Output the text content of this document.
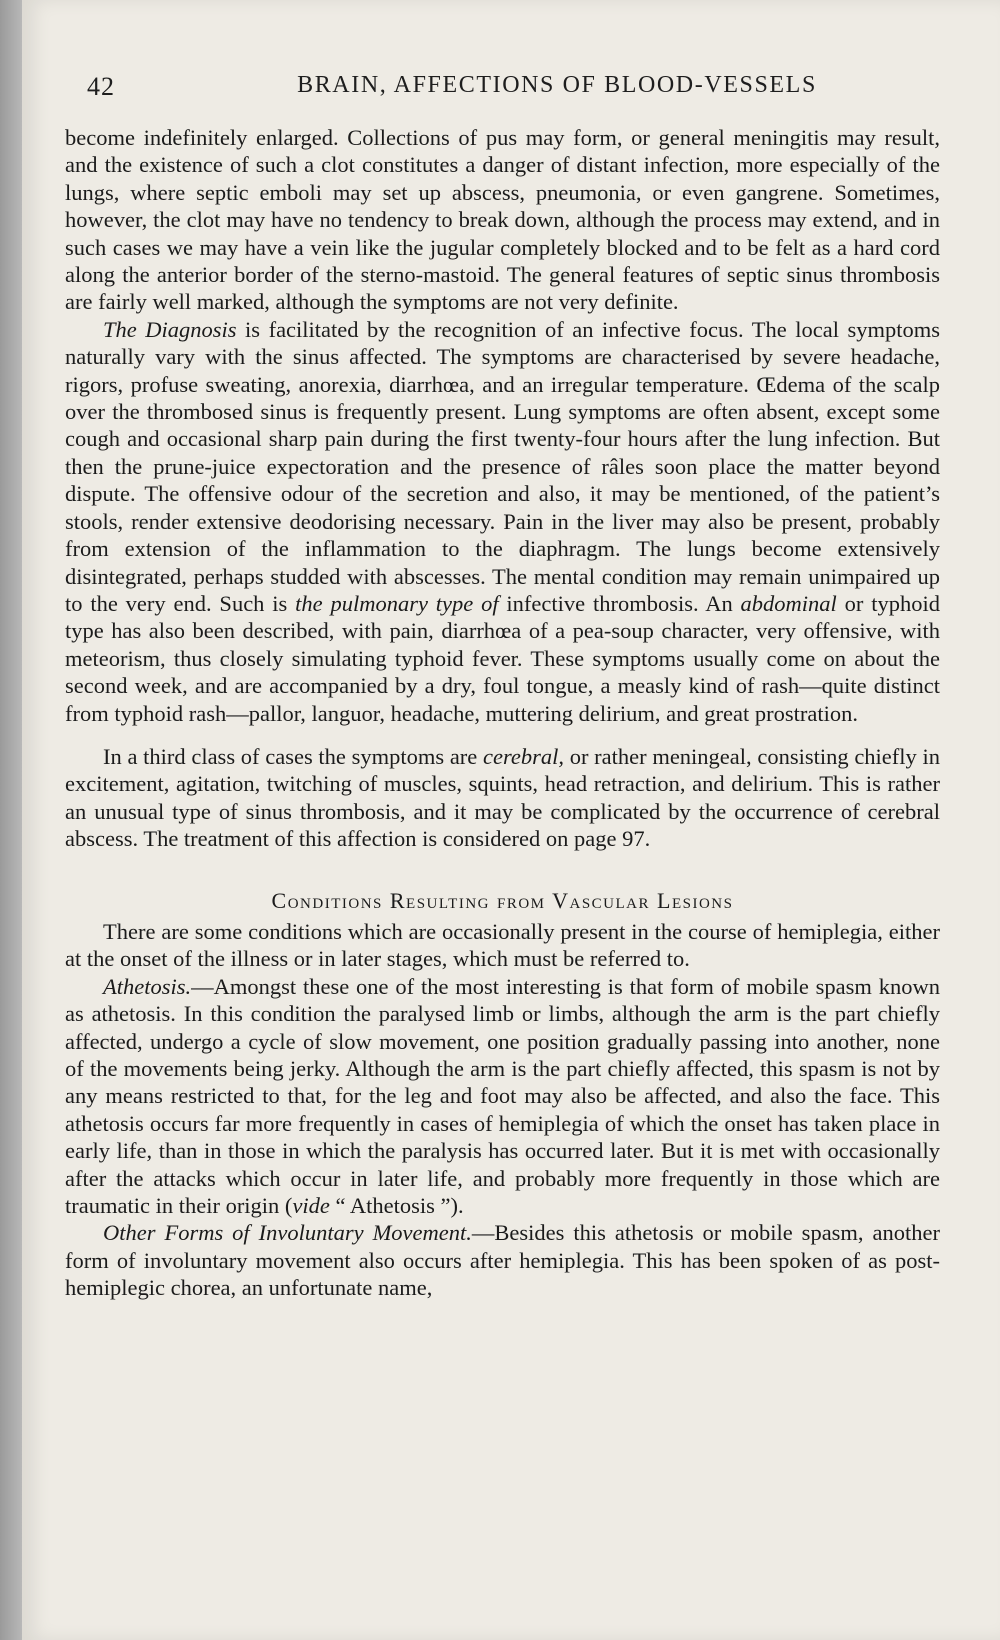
42	BRAIN, AFFECTIONS OF BLOOD-VESSELS

become indefinitely enlarged. Collections of pus may form, or general meningitis may result, and the existence of such a clot constitutes a danger of distant infection, more especially of the lungs, where septic emboli may set up abscess, pneumonia, or even gangrene. Sometimes, however, the clot may have no tendency to break down, although the process may extend, and in such cases we may have a vein like the jugular completely blocked and to be felt as a hard cord along the anterior border of the sterno-mastoid. The general features of septic sinus thrombosis are fairly well marked, although the symptoms are not very definite.

The Diagnosis is facilitated by the recognition of an infective focus. The local symptoms naturally vary with the sinus affected. The symptoms are characterised by severe headache, rigors, profuse sweating, anorexia, diarrhœa, and an irregular temperature. Œdema of the scalp over the thrombosed sinus is frequently present. Lung symptoms are often absent, except some cough and occasional sharp pain during the first twenty-four hours after the lung infection. But then the prune-juice expectoration and the presence of râles soon place the matter beyond dispute. The offensive odour of the secretion and also, it may be mentioned, of the patient’s stools, render extensive deodorising necessary. Pain in the liver may also be present, probably from extension of the inflammation to the diaphragm. The lungs become extensively disintegrated, perhaps studded with abscesses. The mental condition may remain unimpaired up to the very end. Such is the pulmonary type of infective thrombosis. An abdominal or typhoid type has also been described, with pain, diarrhœa of a pea-soup character, very offensive, with meteorism, thus closely simulating typhoid fever. These symptoms usually come on about the second week, and are accompanied by a dry, foul tongue, a measly kind of rash—quite distinct from typhoid rash—pallor, languor, headache, muttering delirium, and great prostration.

In a third class of cases the symptoms are cerebral, or rather meningeal, consisting chiefly in excitement, agitation, twitching of muscles, squints, head retraction, and delirium. This is rather an unusual type of sinus thrombosis, and it may be complicated by the occurrence of cerebral abscess. The treatment of this affection is considered on page 97.

Conditions Resulting from Vascular Lesions

There are some conditions which are occasionally present in the course of hemiplegia, either at the onset of the illness or in later stages, which must be referred to.

Athetosis.—Amongst these one of the most interesting is that form of mobile spasm known as athetosis. In this condition the paralysed limb or limbs, although the arm is the part chiefly affected, undergo a cycle of slow movement, one position gradually passing into another, none of the movements being jerky. Although the arm is the part chiefly affected, this spasm is not by any means restricted to that, for the leg and foot may also be affected, and also the face. This athetosis occurs far more frequently in cases of hemiplegia of which the onset has taken place in early life, than in those in which the paralysis has occurred later. But it is met with occasionally after the attacks which occur in later life, and probably more frequently in those which are traumatic in their origin (vide “ Athetosis ”).

Other Forms of Involuntary Movement.—Besides this athetosis or mobile spasm, another form of involuntary movement also occurs after hemiplegia. This has been spoken of as post-hemiplegic chorea, an unfortunate name,
